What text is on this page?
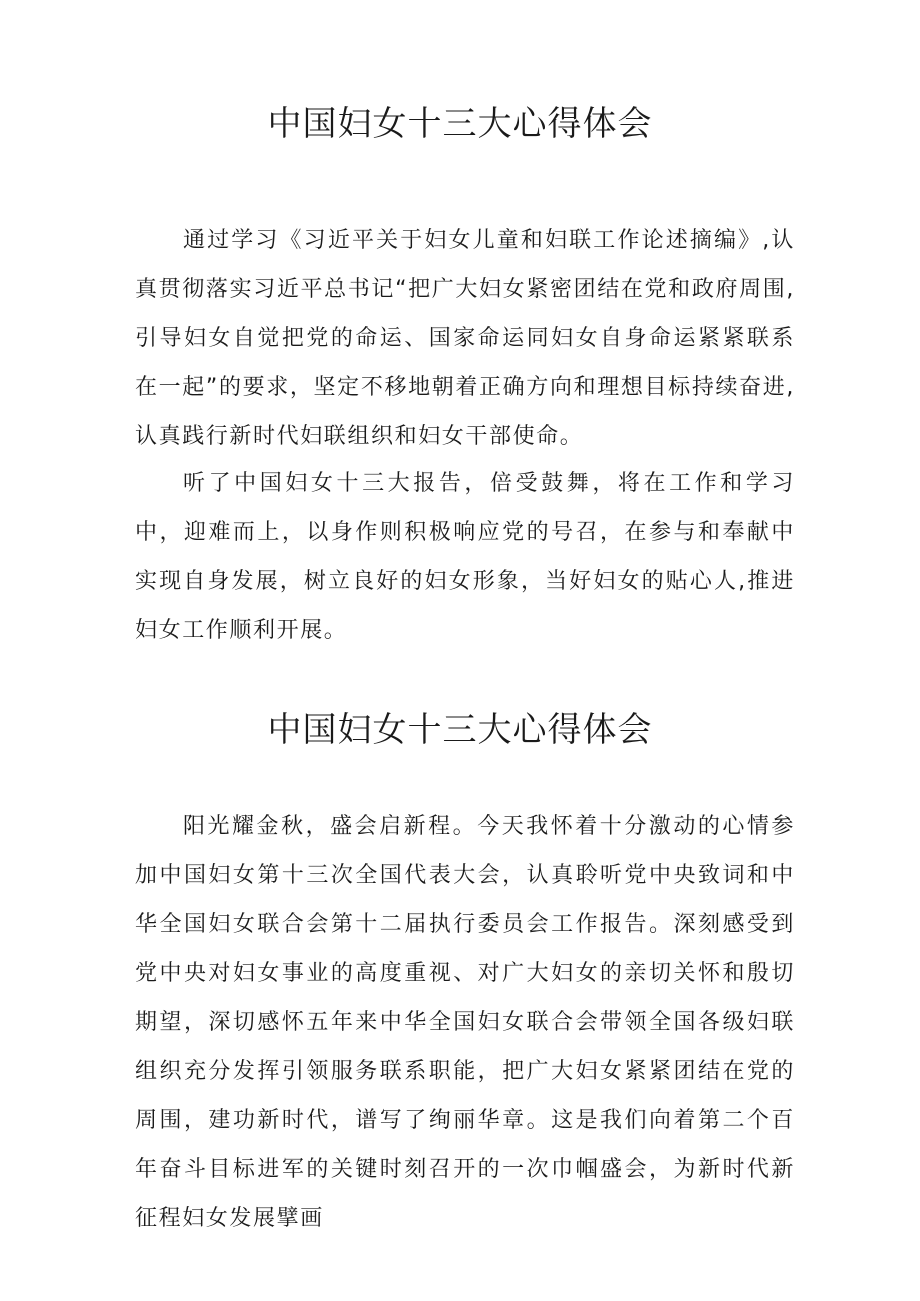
中国妇女十三大心得体会

通过学习《习近平关于妇女儿童和妇联工作论述摘编》,认真贯彻落实习近平总书记“把广大妇女紧密团结在党和政府周围,引导妇女自觉把党的命运、国家命运同妇女自身命运紧紧联系在一起”的要求，坚定不移地朝着正确方向和理想目标持续奋进,认真践行新时代妇联组织和妇女干部使命。

听了中国妇女十三大报告，倍受鼓舞，将在工作和学习中，迎难而上，以身作则积极响应党的号召，在参与和奉献中实现自身发展，树立良好的妇女形象，当好妇女的贴心人,推进妇女工作顺利开展。

中国妇女十三大心得体会

阳光耀金秋，盛会启新程。今天我怀着十分激动的心情参加中国妇女第十三次全国代表大会，认真聆听党中央致词和中华全国妇女联合会第十二届执行委员会工作报告。深刻感受到党中央对妇女事业的高度重视、对广大妇女的亲切关怀和殷切期望，深切感怀五年来中华全国妇女联合会带领全国各级妇联组织充分发挥引领服务联系职能，把广大妇女紧紧团结在党的周围，建功新时代，谱写了绚丽华章。这是我们向着第二个百年奋斗目标进军的关键时刻召开的一次巾帼盛会，为新时代新征程妇女发展擘画
